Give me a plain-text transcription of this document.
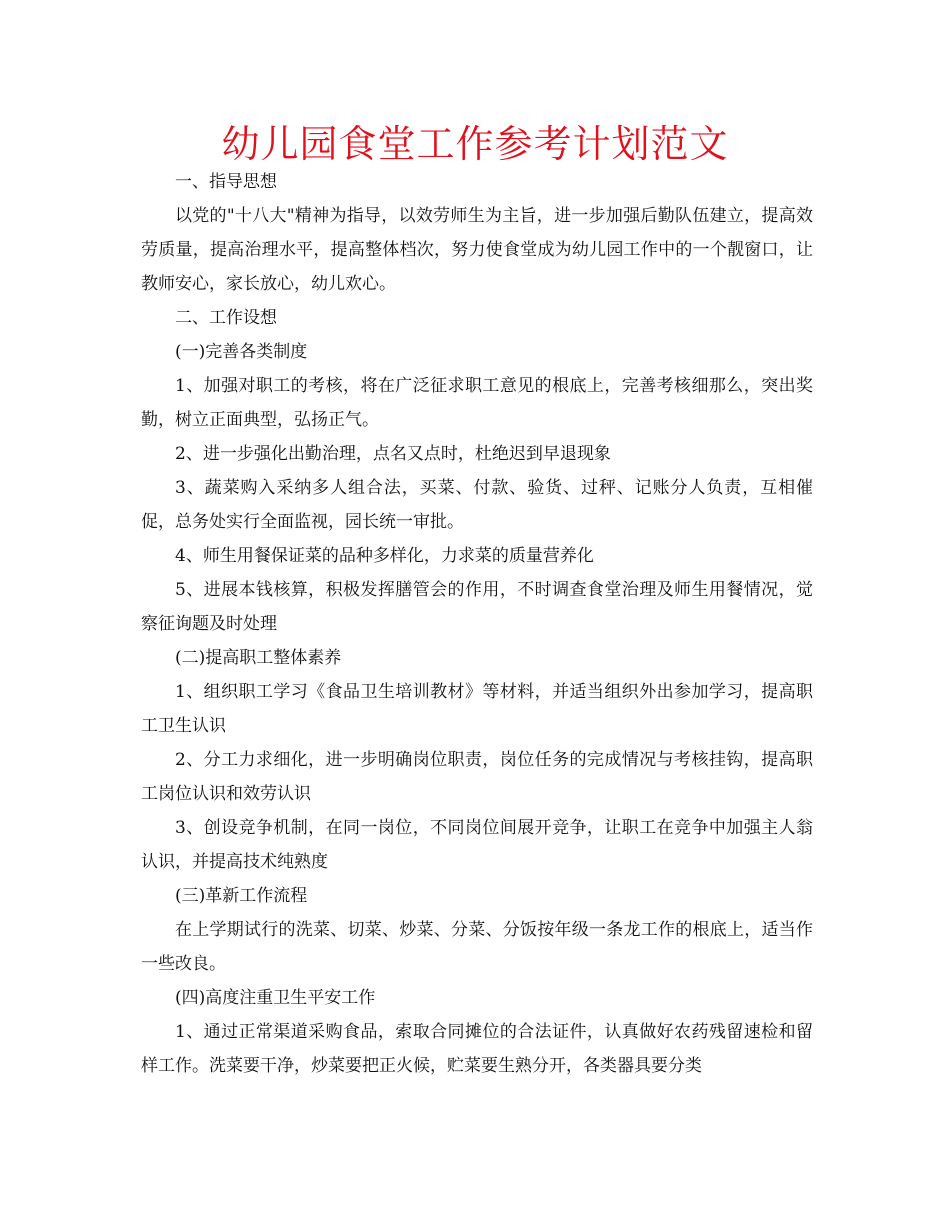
幼儿园食堂工作参考计划范文

一、指导思想

以党的"十八大"精神为指导，以效劳师生为主旨，进一步加强后勤队伍建立，提高效劳质量，提高治理水平，提高整体档次，努力使食堂成为幼儿园工作中的一个靓窗口，让教师安心，家长放心，幼儿欢心。

二、工作设想

(一)完善各类制度

1、加强对职工的考核，将在广泛征求职工意见的根底上，完善考核细那么，突出奖勤，树立正面典型，弘扬正气。

2、进一步强化出勤治理，点名又点时，杜绝迟到早退现象

3、蔬菜购入采纳多人组合法，买菜、付款、验货、过秤、记账分人负责，互相催促，总务处实行全面监视，园长统一审批。

4、师生用餐保证菜的品种多样化，力求菜的质量营养化

5、进展本钱核算，积极发挥膳管会的作用，不时调查食堂治理及师生用餐情况，觉察征询题及时处理

(二)提高职工整体素养

1、组织职工学习《食品卫生培训教材》等材料，并适当组织外出参加学习，提高职工卫生认识

2、分工力求细化，进一步明确岗位职责，岗位任务的完成情况与考核挂钩，提高职工岗位认识和效劳认识

3、创设竞争机制，在同一岗位，不同岗位间展开竞争，让职工在竞争中加强主人翁认识，并提高技术纯熟度

(三)革新工作流程

在上学期试行的洗菜、切菜、炒菜、分菜、分饭按年级一条龙工作的根底上，适当作一些改良。

(四)高度注重卫生平安工作

1、通过正常渠道采购食品，索取合同摊位的合法证件，认真做好农药残留速检和留样工作。洗菜要干净，炒菜要把正火候，贮菜要生熟分开，各类器具要分类
